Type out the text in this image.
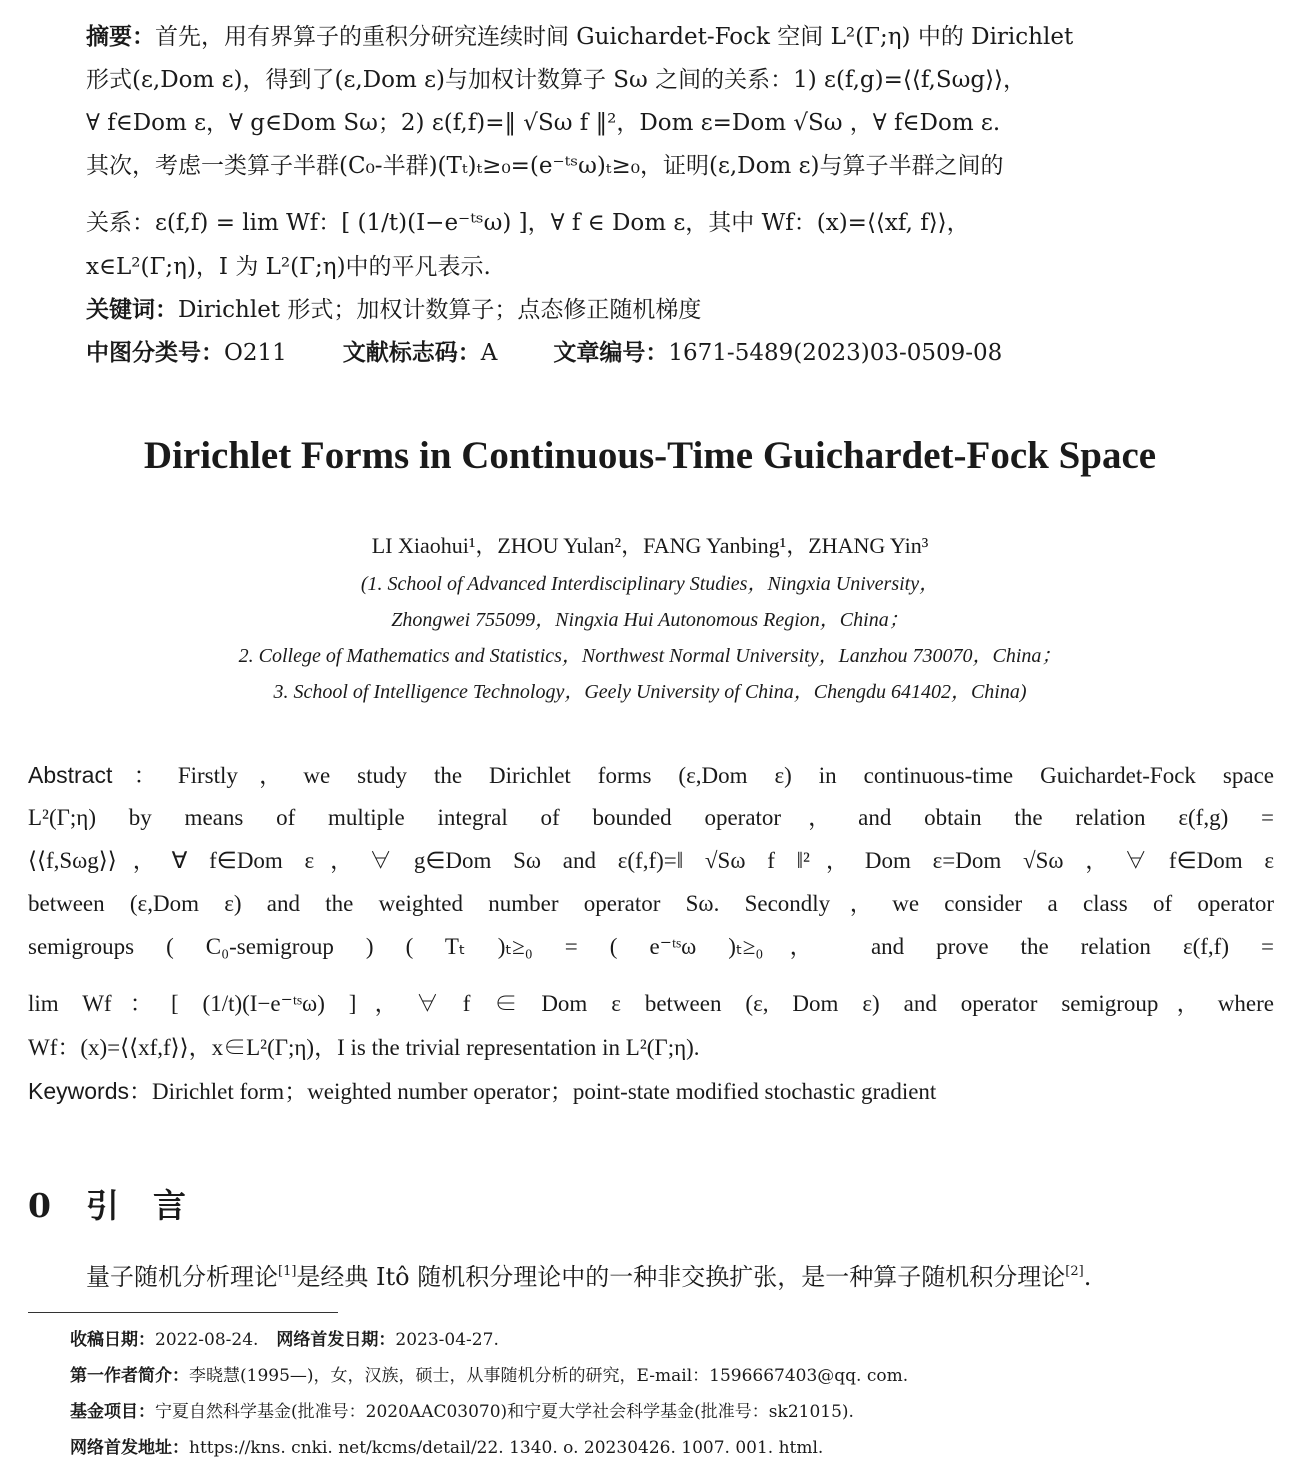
摘要：首先，用有界算子的重积分研究连续时间 Guichardet-Fock 空间 L²(Γ;η) 中的 Dirichlet
形式(ε,Dom ε)，得到了(ε,Dom ε)与加权计数算子 Sω 之间的关系：1) ε(f,g)=⟨⟨f,Sωg⟩⟩，
∀ f∈Dom ε，∀ g∈Dom Sω；2) ε(f,f)=‖ √Sω f ‖²，Dom ε=Dom √Sω ，∀ f∈Dom ε.
其次，考虑一类算子半群(C₀-半群)(Tₜ)ₜ≥₀=(e⁻ᵗˢω)ₜ≥₀，证明(ε,Dom ε)与算子半群之间的
关系：ε(f,f) = lim Wf：[ (1/t)(I−e⁻ᵗˢω) ]，∀ f ∈ Dom ε，其中 Wf：(x)=⟨⟨xf, f⟩⟩，
x∈L²(Γ;η)，I 为 L²(Γ;η)中的平凡表示.
关键词：Dirichlet 形式；加权计数算子；点态修正随机梯度
中图分类号：O211 文献标志码：A 文章编号：1671-5489(2023)03-0509-08
Dirichlet Forms in Continuous-Time Guichardet-Fock Space
LI Xiaohui¹，ZHOU Yulan²，FANG Yanbing¹，ZHANG Yin³
(1. School of Advanced Interdisciplinary Studies，Ningxia University，
Zhongwei 755099，Ningxia Hui Autonomous Region，China；
2. College of Mathematics and Statistics，Northwest Normal University，Lanzhou 730070，China；
3. School of Intelligence Technology，Geely University of China，Chengdu 641402，China)
Abstract：Firstly，we study the Dirichlet forms (ε,Dom ε) in continuous-time Guichardet-Fock space
L²(Γ;η) by means of multiple integral of bounded operator，and obtain the relation ε(f,g) =
⟨⟨f,Sωg⟩⟩，∀ f∈Dom ε，∀ g∈Dom Sω and ε(f,f)=‖ √Sω f ‖²，Dom ε=Dom √Sω ，∀ f∈Dom ε
between (ε,Dom ε) and the weighted number operator Sω. Secondly，we consider a class of operator
semigroups ( C₀-semigroup ) ( Tₜ )ₜ≥₀ = ( e⁻ᵗˢω )ₜ≥₀， and prove the relation ε(f,f) =
lim Wf：[ (1/t)(I−e⁻ᵗˢω) ]，∀ f ∈ Dom ε between (ε, Dom ε) and operator semigroup，where
Wf：(x)=⟨⟨xf,f⟩⟩，x∈L²(Γ;η)，I is the trivial representation in L²(Γ;η).
Keywords：Dirichlet form；weighted number operator；point-state modified stochastic gradient
0 引言
量子随机分析理论[1]是经典 Itô 随机积分理论中的一种非交换扩张，是一种算子随机积分理论[2].
收稿日期：2022-08-24. 网络首发日期：2023-04-27.
第一作者简介：李晓慧(1995—)，女，汉族，硕士，从事随机分析的研究，E-mail：1596667403@qq. com.
基金项目：宁夏自然科学基金(批准号：2020AAC03070)和宁夏大学社会科学基金(批准号：sk21015).
网络首发地址：https://kns. cnki. net/kcms/detail/22. 1340. o. 20230426. 1007. 001. html.
